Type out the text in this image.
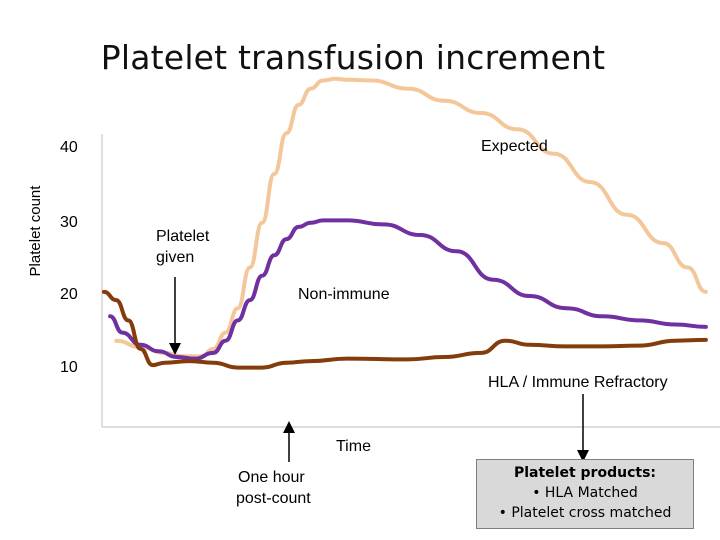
Platelet transfusion increment
Platelet count
40
30
20
10
Expected
Non-immune
HLA / Immune Refractory
Platelet
given
Time
One hour
post-count
Platelet products:
• HLA Matched
• Platelet cross matched
